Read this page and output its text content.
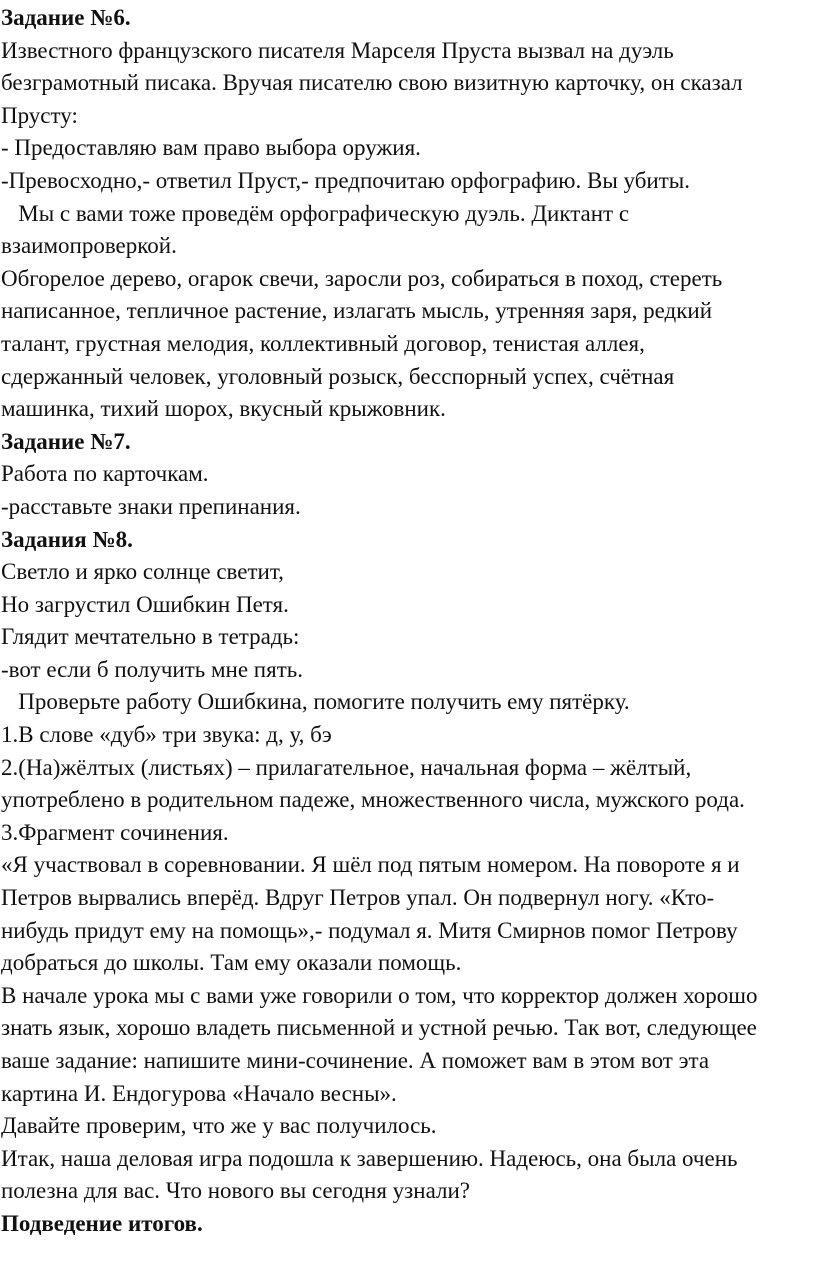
Задание №6.

Известного французского писателя Марселя Пруста вызвал на дуэль

безграмотный писака. Вручая писателю свою визитную карточку, он сказал

Прусту:

- Предоставляю вам право выбора оружия.

-Превосходно,- ответил Пруст,- предпочитаю орфографию. Вы убиты.

Мы с вами тоже проведём орфографическую дуэль. Диктант с

взаимопроверкой.

Обгорелое дерево, огарок свечи, заросли роз, собираться в поход, стереть

написанное, тепличное растение, излагать мысль, утренняя заря, редкий

талант, грустная мелодия, коллективный договор, тенистая аллея,

сдержанный человек, уголовный розыск, бесспорный успех, счётная

машинка, тихий шорох, вкусный крыжовник.

Задание №7.

Работа по карточкам.

-расставьте знаки препинания.

Задания №8.

Светло и ярко солнце светит,

Но загрустил Ошибкин Петя.

Глядит мечтательно в тетрадь:

-вот если б получить мне пять.

Проверьте работу Ошибкина, помогите получить ему пятёрку.

1.В слове «дуб» три звука: д, у, бэ

2.(На)жёлтых (листьях) – прилагательное, начальная форма – жёлтый,

употреблено в родительном падеже, множественного числа, мужского рода.

3.Фрагмент сочинения.

«Я участвовал в соревновании. Я шёл под пятым номером. На повороте я и

Петров вырвались вперёд. Вдруг Петров упал. Он подвернул ногу. «Кто-

нибудь придут ему на помощь»,- подумал я. Митя Смирнов помог Петрову

добраться до школы. Там ему оказали помощь.

В начале урока мы с вами уже говорили о том, что корректор должен хорошо

знать язык, хорошо владеть письменной и устной речью. Так вот, следующее

ваше задание: напишите мини-сочинение. А поможет вам в этом вот эта

картина И. Ендогурова «Начало весны».

Давайте проверим, что же у вас получилось.

Итак, наша деловая игра подошла к завершению. Надеюсь, она была очень

полезна для вас. Что нового вы сегодня узнали?

Подведение итогов.
